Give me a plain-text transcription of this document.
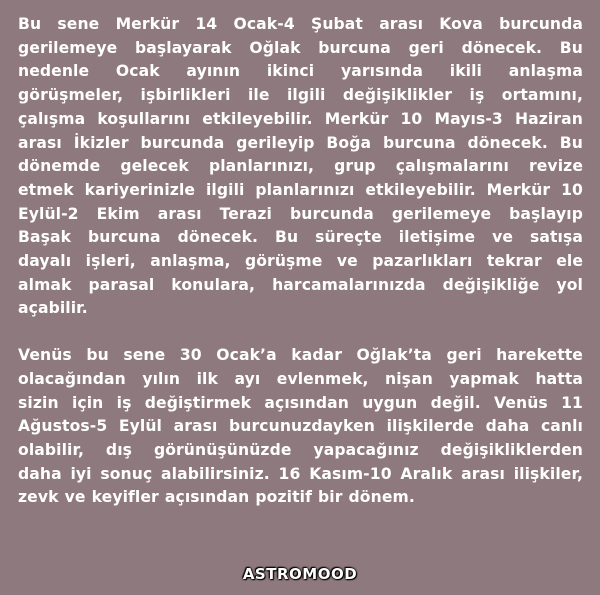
Bu sene Merkür 14 Ocak-4 Şubat arası Kova burcunda
gerilemeye başlayarak Oğlak burcuna geri dönecek. Bu
nedenle Ocak ayının ikinci yarısında ikili anlaşma
görüşmeler, işbirlikleri ile ilgili değişiklikler iş ortamını,
çalışma koşullarını etkileyebilir. Merkür 10 Mayıs-3 Haziran
arası İkizler burcunda gerileyip Boğa burcuna dönecek. Bu
dönemde gelecek planlarınızı, grup çalışmalarını revize
etmek kariyerinizle ilgili planlarınızı etkileyebilir. Merkür 10
Eylül-2 Ekim arası Terazi burcunda gerilemeye başlayıp
Başak burcuna dönecek. Bu süreçte iletişime ve satışa
dayalı işleri, anlaşma, görüşme ve pazarlıkları tekrar ele
almak parasal konulara, harcamalarınızda değişikliğe yol
açabilir.
Venüs bu sene 30 Ocak’a kadar Oğlak’ta geri harekette
olacağından yılın ilk ayı evlenmek, nişan yapmak hatta
sizin için iş değiştirmek açısından uygun değil. Venüs 11
Ağustos-5 Eylül arası burcunuzdayken ilişkilerde daha canlı
olabilir, dış görünüşünüzde yapacağınız değişikliklerden
daha iyi sonuç alabilirsiniz. 16 Kasım-10 Aralık arası ilişkiler,
zevk ve keyifler açısından pozitif bir dönem.
ASTROMOOD
